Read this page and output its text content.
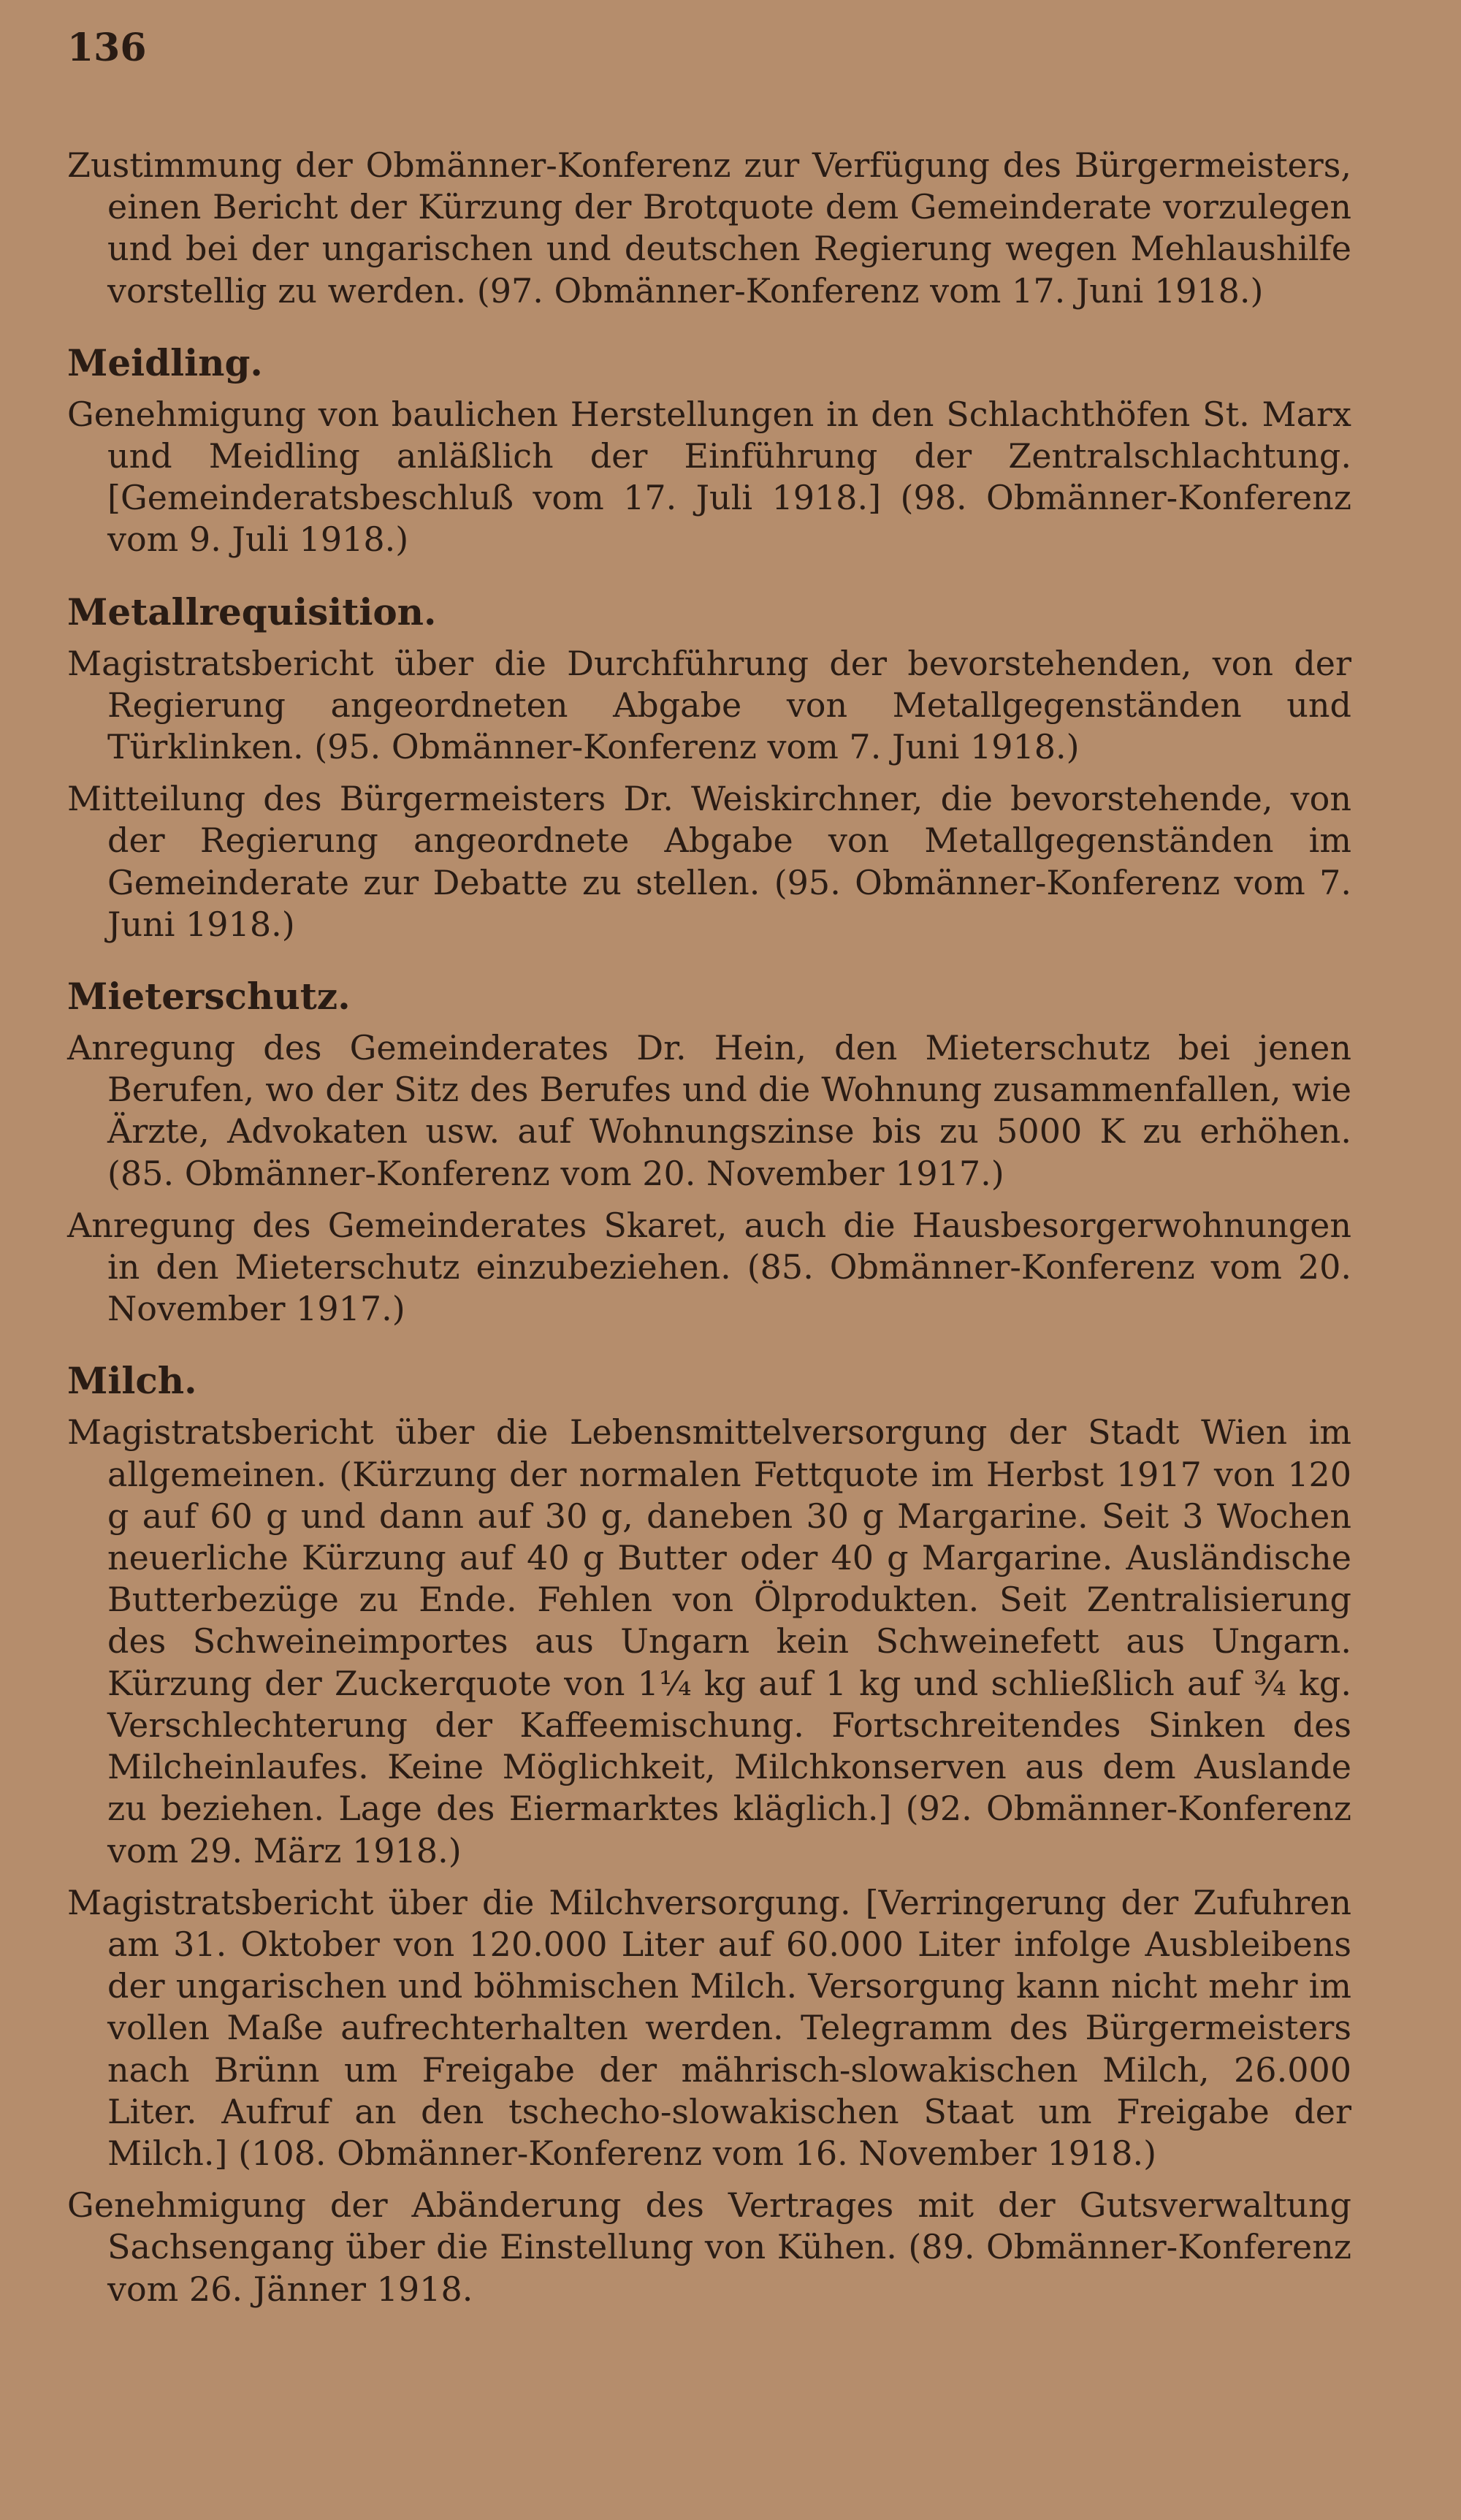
136

Zustimmung der Obmänner-Konferenz zur Verfügung des Bürgermeisters, einen Bericht der Kürzung der Brotquote dem Gemeinderate vorzulegen und bei der ungarischen und deutschen Regierung wegen Mehlaushilfe vorstellig zu werden. (97. Obmänner-Konferenz vom 17. Juni 1918.)

Meidling.

Genehmigung von baulichen Herstellungen in den Schlachthöfen St. Marx und Meidling anläßlich der Einführung der Zentralschlachtung. [Gemeinderatsbeschluß vom 17. Juli 1918.] (98. Obmänner-Konferenz vom 9. Juli 1918.)

Metallrequisition.

Magistratsbericht über die Durchführung der bevorstehenden, von der Regierung angeordneten Abgabe von Metallgegenständen und Türklinken. (95. Obmänner-Konferenz vom 7. Juni 1918.)

Mitteilung des Bürgermeisters Dr. Weiskirchner, die bevorstehende, von der Regierung angeordnete Abgabe von Metallgegenständen im Gemeinderate zur Debatte zu stellen. (95. Obmänner-Konferenz vom 7. Juni 1918.)

Mieterschutz.

Anregung des Gemeinderates Dr. Hein, den Mieterschutz bei jenen Berufen, wo der Sitz des Berufes und die Wohnung zusammenfallen, wie Ärzte, Advokaten usw. auf Wohnungszinse bis zu 5000 K zu erhöhen. (85. Obmänner-Konferenz vom 20. November 1917.)

Anregung des Gemeinderates Skaret, auch die Hausbesorgerwohnungen in den Mieterschutz einzubeziehen. (85. Obmänner-Konferenz vom 20. November 1917.)

Milch.

Magistratsbericht über die Lebensmittelversorgung der Stadt Wien im allgemeinen. (Kürzung der normalen Fettquote im Herbst 1917 von 120 g auf 60 g und dann auf 30 g, daneben 30 g Margarine. Seit 3 Wochen neuerliche Kürzung auf 40 g Butter oder 40 g Margarine. Ausländische Butterbezüge zu Ende. Fehlen von Ölprodukten. Seit Zentralisierung des Schweineimportes aus Ungarn kein Schweinefett aus Ungarn. Kürzung der Zuckerquote von 1¼ kg auf 1 kg und schließlich auf ¾ kg. Verschlechterung der Kaffeemischung. Fortschreitendes Sinken des Milcheinlaufes. Keine Möglichkeit, Milchkonserven aus dem Auslande zu beziehen. Lage des Eiermarktes kläglich.] (92. Obmänner-Konferenz vom 29. März 1918.)

Magistratsbericht über die Milchversorgung. [Verringerung der Zufuhren am 31. Oktober von 120.000 Liter auf 60.000 Liter infolge Ausbleibens der ungarischen und böhmischen Milch. Versorgung kann nicht mehr im vollen Maße aufrechterhalten werden. Telegramm des Bürgermeisters nach Brünn um Freigabe der mährisch-slowakischen Milch, 26.000 Liter. Aufruf an den tschecho-slowakischen Staat um Freigabe der Milch.] (108. Obmänner-Konferenz vom 16. November 1918.)

Genehmigung der Abänderung des Vertrages mit der Gutsverwaltung Sachsengang über die Einstellung von Kühen. (89. Obmänner-Konferenz vom 26. Jänner 1918.
